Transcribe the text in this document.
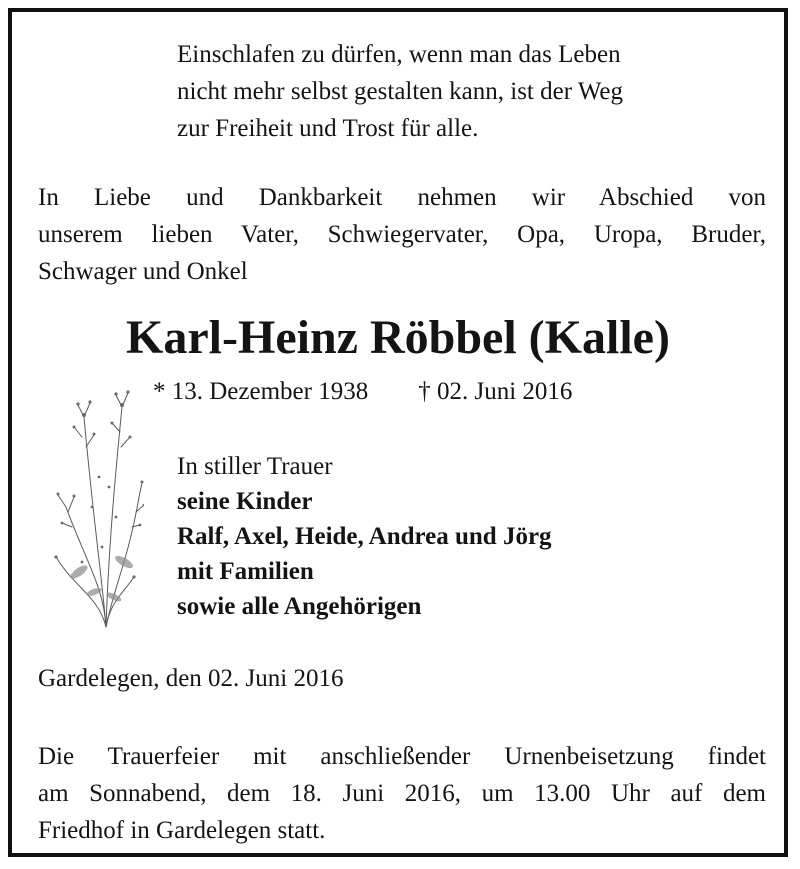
Einschlafen zu dürfen, wenn man das Leben
nicht mehr selbst gestalten kann, ist der Weg
zur Freiheit und Trost für alle.
In Liebe und Dankbarkeit nehmen wir Abschied von
unserem lieben Vater, Schwiegervater, Opa, Uropa, Bruder,
Schwager und Onkel
Karl-Heinz Röbbel (Kalle)
* 13. Dezember 1938 † 02. Juni 2016
In stiller Trauer
seine Kinder
Ralf, Axel, Heide, Andrea und Jörg
mit Familien
sowie alle Angehörigen
Gardelegen, den 02. Juni 2016
Die Trauerfeier mit anschließender Urnenbeisetzung findet
am Sonnabend, dem 18. Juni 2016, um 13.00 Uhr auf dem
Friedhof in Gardelegen statt.
